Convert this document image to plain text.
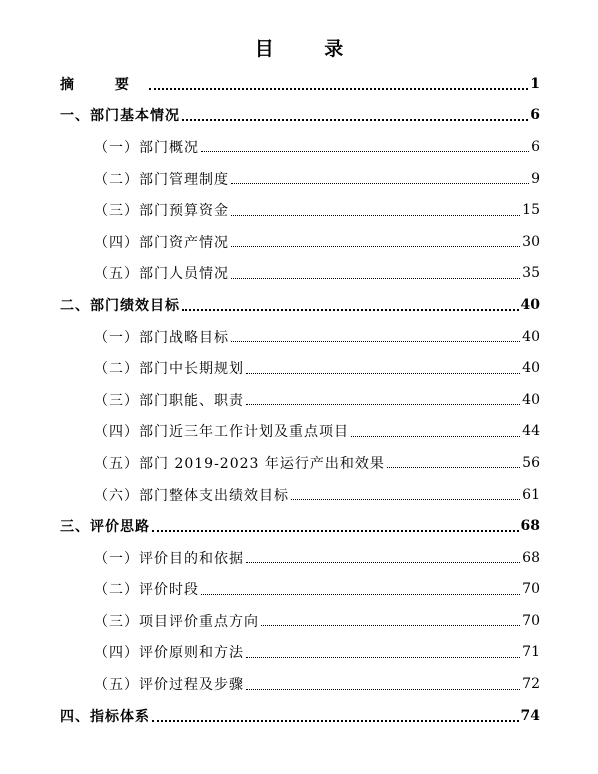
目 录
摘 要	1
一、部门基本情况	6
（一）部门概况	6
（二）部门管理制度	9
（三）部门预算资金	15
（四）部门资产情况	30
（五）部门人员情况	35
二、部门绩效目标	40
（一）部门战略目标	40
（二）部门中长期规划	40
（三）部门职能、职责	40
（四）部门近三年工作计划及重点项目	44
（五）部门 2019-2023 年运行产出和效果	56
（六）部门整体支出绩效目标	61
三、评价思路	68
（一）评价目的和依据	68
（二）评价时段	70
（三）项目评价重点方向	70
（四）评价原则和方法	71
（五）评价过程及步骤	72
四、指标体系	74
